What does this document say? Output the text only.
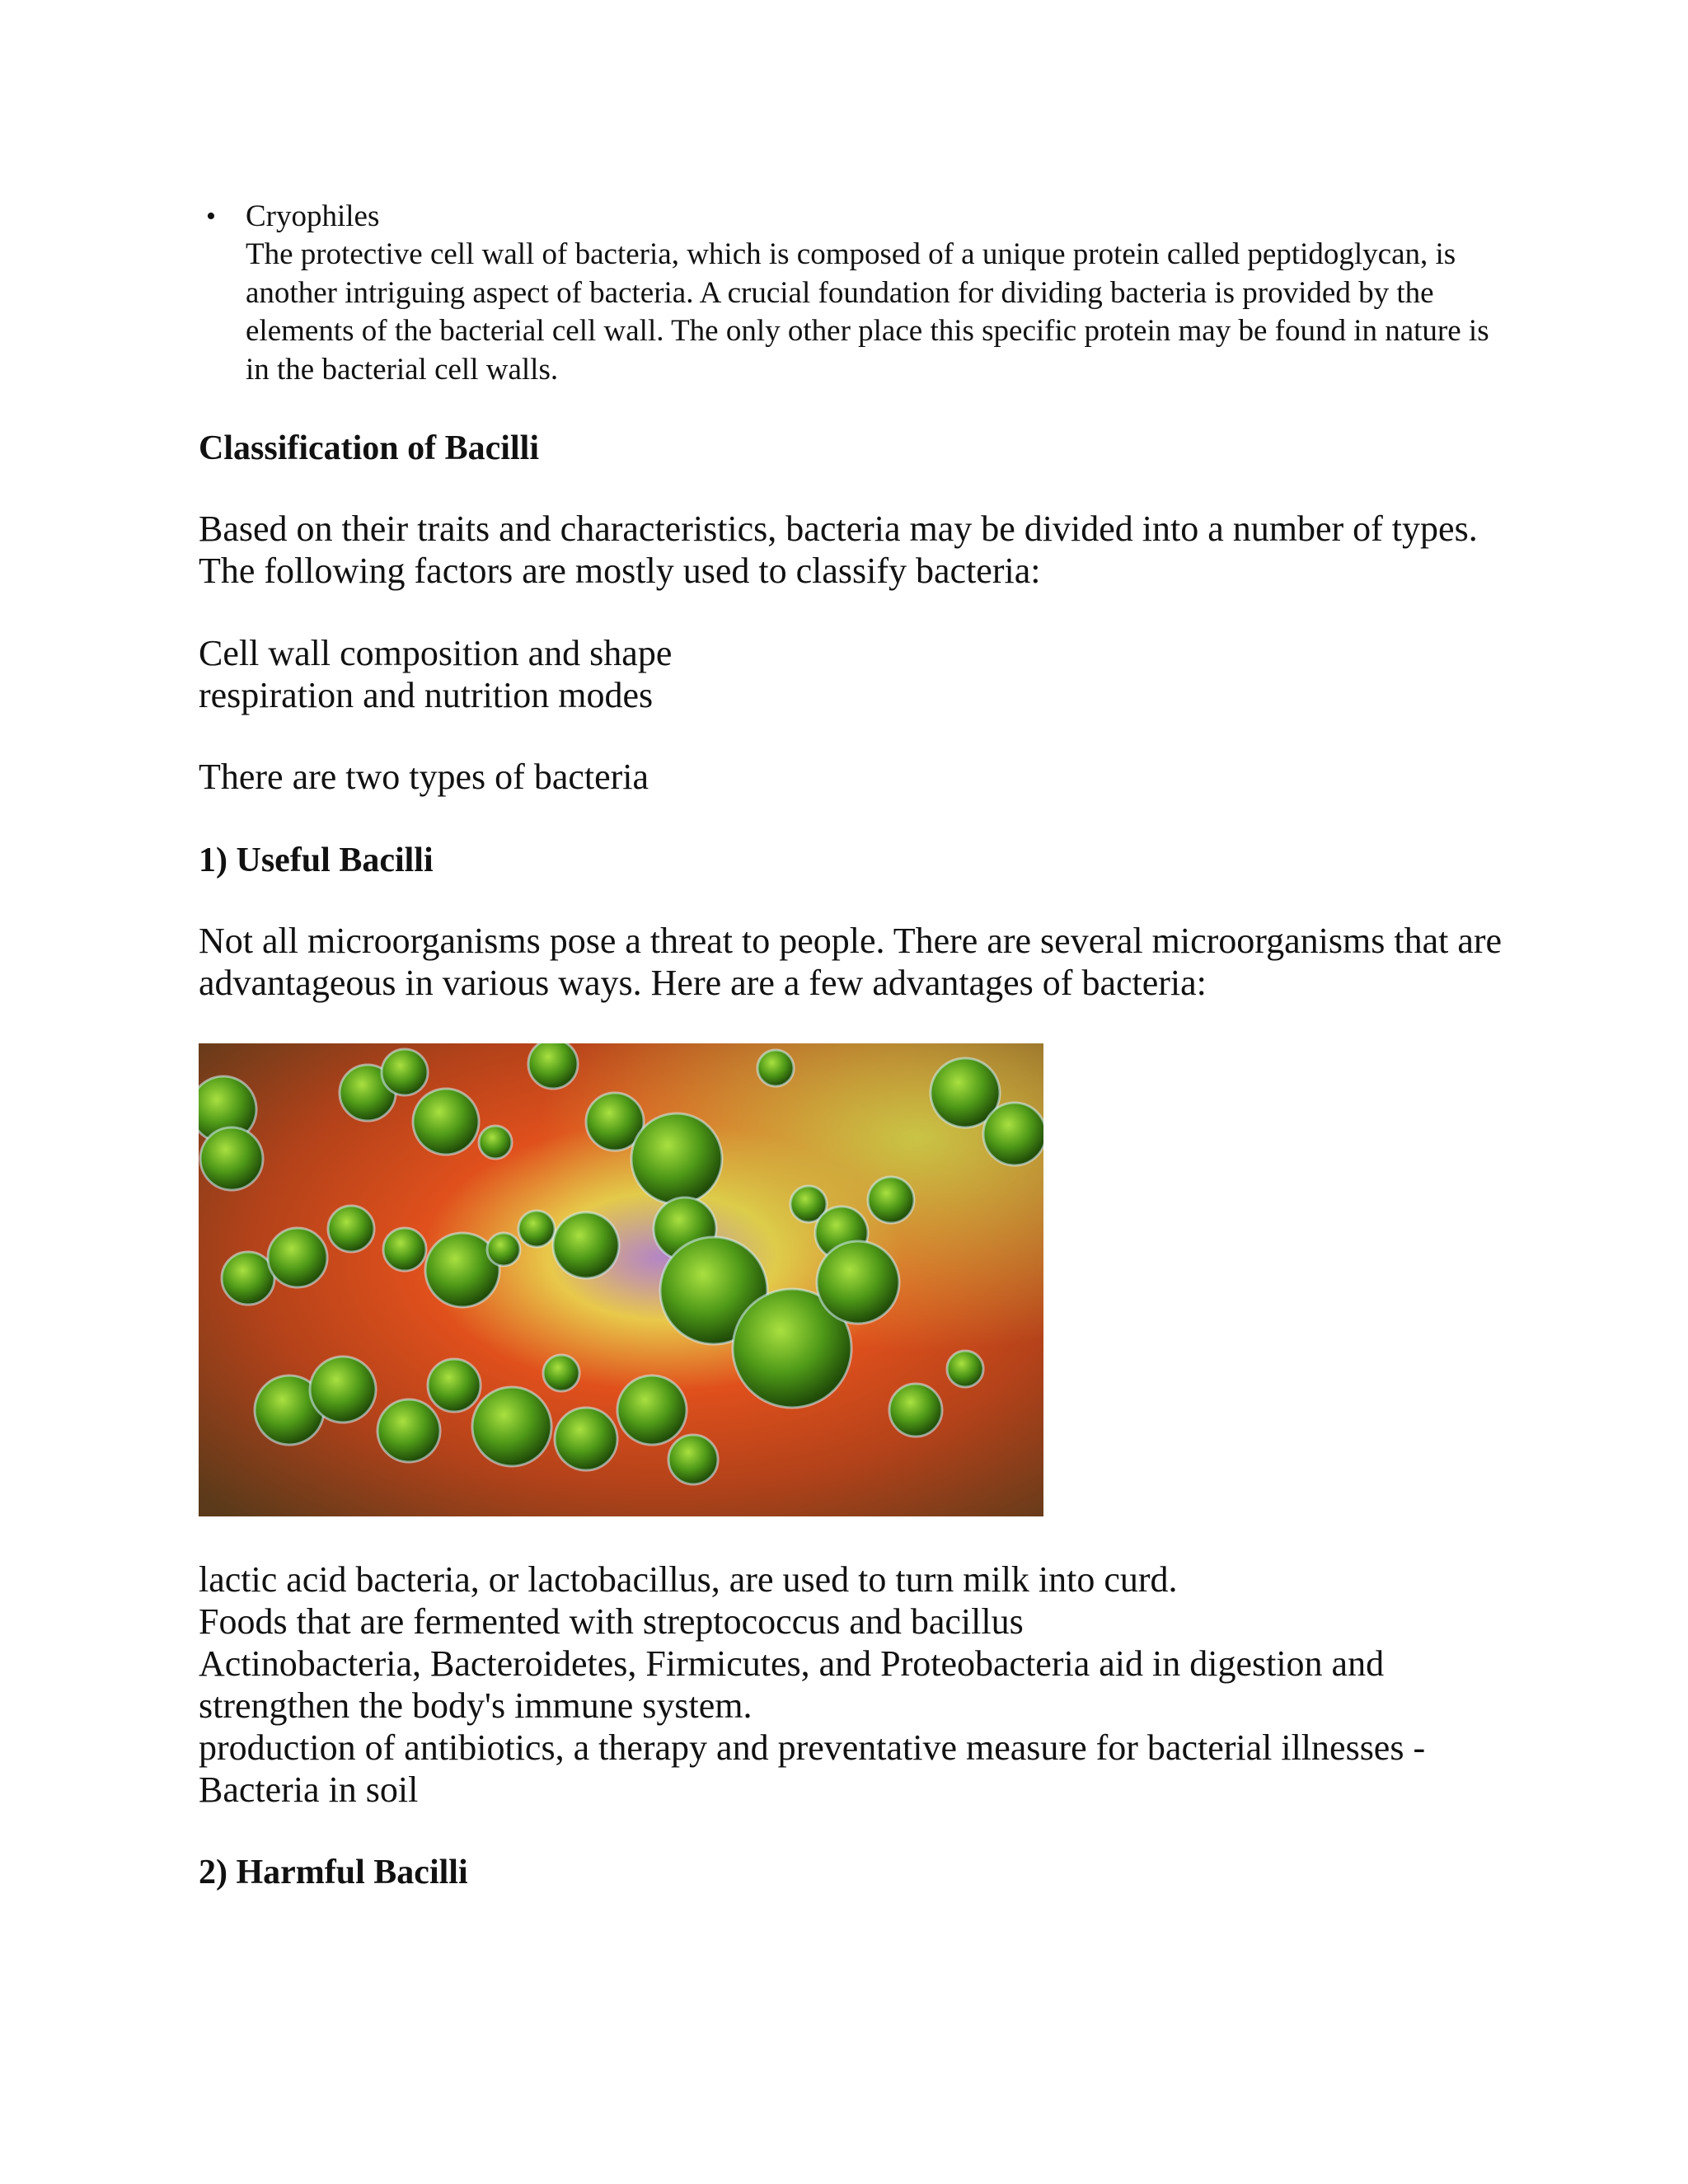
• Cryophiles
The protective cell wall of bacteria, which is composed of a unique protein called peptidoglycan, is another intriguing aspect of bacteria. A crucial foundation for dividing bacteria is provided by the elements of the bacterial cell wall. The only other place this specific protein may be found in nature is in the bacterial cell walls.
Classification of Bacilli
Based on their traits and characteristics, bacteria may be divided into a number of types. The following factors are mostly used to classify bacteria:
Cell wall composition and shape
respiration and nutrition modes
There are two types of bacteria
1) Useful Bacilli
Not all microorganisms pose a threat to people. There are several microorganisms that are advantageous in various ways. Here are a few advantages of bacteria:
lactic acid bacteria, or lactobacillus, are used to turn milk into curd.
Foods that are fermented with streptococcus and bacillus
Actinobacteria, Bacteroidetes, Firmicutes, and Proteobacteria aid in digestion and strengthen the body's immune system.
production of antibiotics, a therapy and preventative measure for bacterial illnesses - Bacteria in soil
2) Harmful Bacilli
